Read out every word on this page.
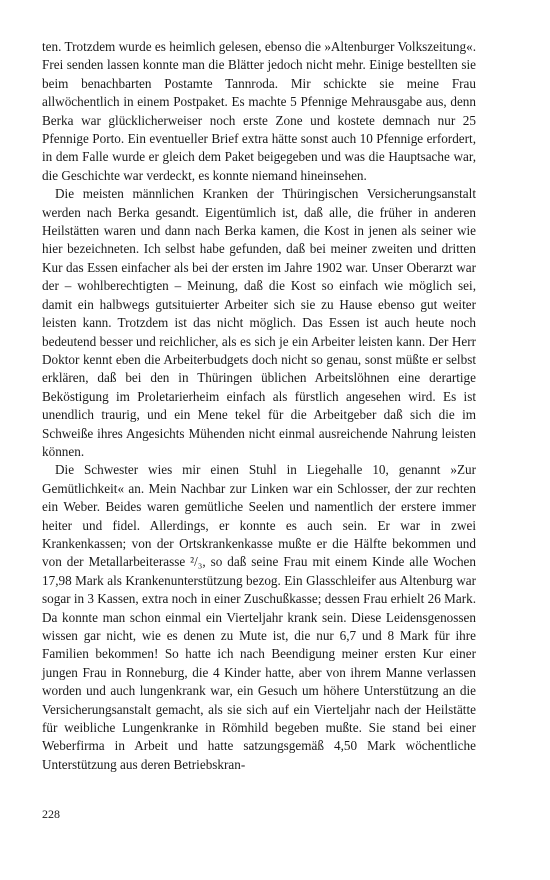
ten. Trotzdem wurde es heimlich gelesen, ebenso die »Altenburger Volkszeitung«. Frei senden lassen konnte man die Blätter jedoch nicht mehr. Einige bestellten sie beim benachbarten Postamte Tannroda. Mir schickte sie meine Frau allwöchentlich in einem Postpaket. Es machte 5 Pfennige Mehrausgabe aus, denn Berka war glücklicherweiser noch erste Zone und kostete demnach nur 25 Pfennige Porto. Ein eventueller Brief extra hätte sonst auch 10 Pfennige erfordert, in dem Falle wurde er gleich dem Paket beigegeben und was die Hauptsache war, die Geschichte war verdeckt, es konnte niemand hineinsehen.

Die meisten männlichen Kranken der Thüringischen Versicherungsanstalt werden nach Berka gesandt. Eigentümlich ist, daß alle, die früher in anderen Heilstätten waren und dann nach Berka kamen, die Kost in jenen als seiner wie hier bezeichneten. Ich selbst habe gefunden, daß bei meiner zweiten und dritten Kur das Essen einfacher als bei der ersten im Jahre 1902 war. Unser Oberarzt war der – wohlberechtigten – Meinung, daß die Kost so einfach wie möglich sei, damit ein halbwegs gutsituierter Arbeiter sich sie zu Hause ebenso gut weiter leisten kann. Trotzdem ist das nicht möglich. Das Essen ist auch heute noch bedeutend besser und reichlicher, als es sich je ein Arbeiter leisten kann. Der Herr Doktor kennt eben die Arbeiterbudgets doch nicht so genau, sonst müßte er selbst erklären, daß bei den in Thüringen üblichen Arbeitslöhnen eine derartige Beköstigung im Proletarierheim einfach als fürstlich angesehen wird. Es ist unendlich traurig, und ein Mene tekel für die Arbeitgeber daß sich die im Schweiße ihres Angesichts Mühenden nicht einmal ausreichende Nahrung leisten können.

Die Schwester wies mir einen Stuhl in Liegehalle 10, genannt »Zur Gemütlichkeit« an. Mein Nachbar zur Linken war ein Schlosser, der zur rechten ein Weber. Beides waren gemütliche Seelen und namentlich der erstere immer heiter und fidel. Allerdings, er konnte es auch sein. Er war in zwei Krankenkassen; von der Ortskrankenkasse mußte er die Hälfte bekommen und von der Metallarbeiterasse ²/₃, so daß seine Frau mit einem Kinde alle Wochen 17,98 Mark als Krankenunterstützung bezog. Ein Glasschleifer aus Altenburg war sogar in 3 Kassen, extra noch in einer Zuschußkasse; dessen Frau erhielt 26 Mark. Da konnte man schon einmal ein Vierteljahr krank sein. Diese Leidensgenossen wissen gar nicht, wie es denen zu Mute ist, die nur 6,7 und 8 Mark für ihre Familien bekommen! So hatte ich nach Beendigung meiner ersten Kur einer jungen Frau in Ronneburg, die 4 Kinder hatte, aber von ihrem Manne verlassen worden und auch lungenkrank war, ein Gesuch um höhere Unterstützung an die Versicherungsanstalt gemacht, als sie sich auf ein Vierteljahr nach der Heilstätte für weibliche Lungenkranke in Römhild begeben mußte. Sie stand bei einer Weberfirma in Arbeit und hatte satzungsgemäß 4,50 Mark wöchentliche Unterstützung aus deren Betriebskran-

228
